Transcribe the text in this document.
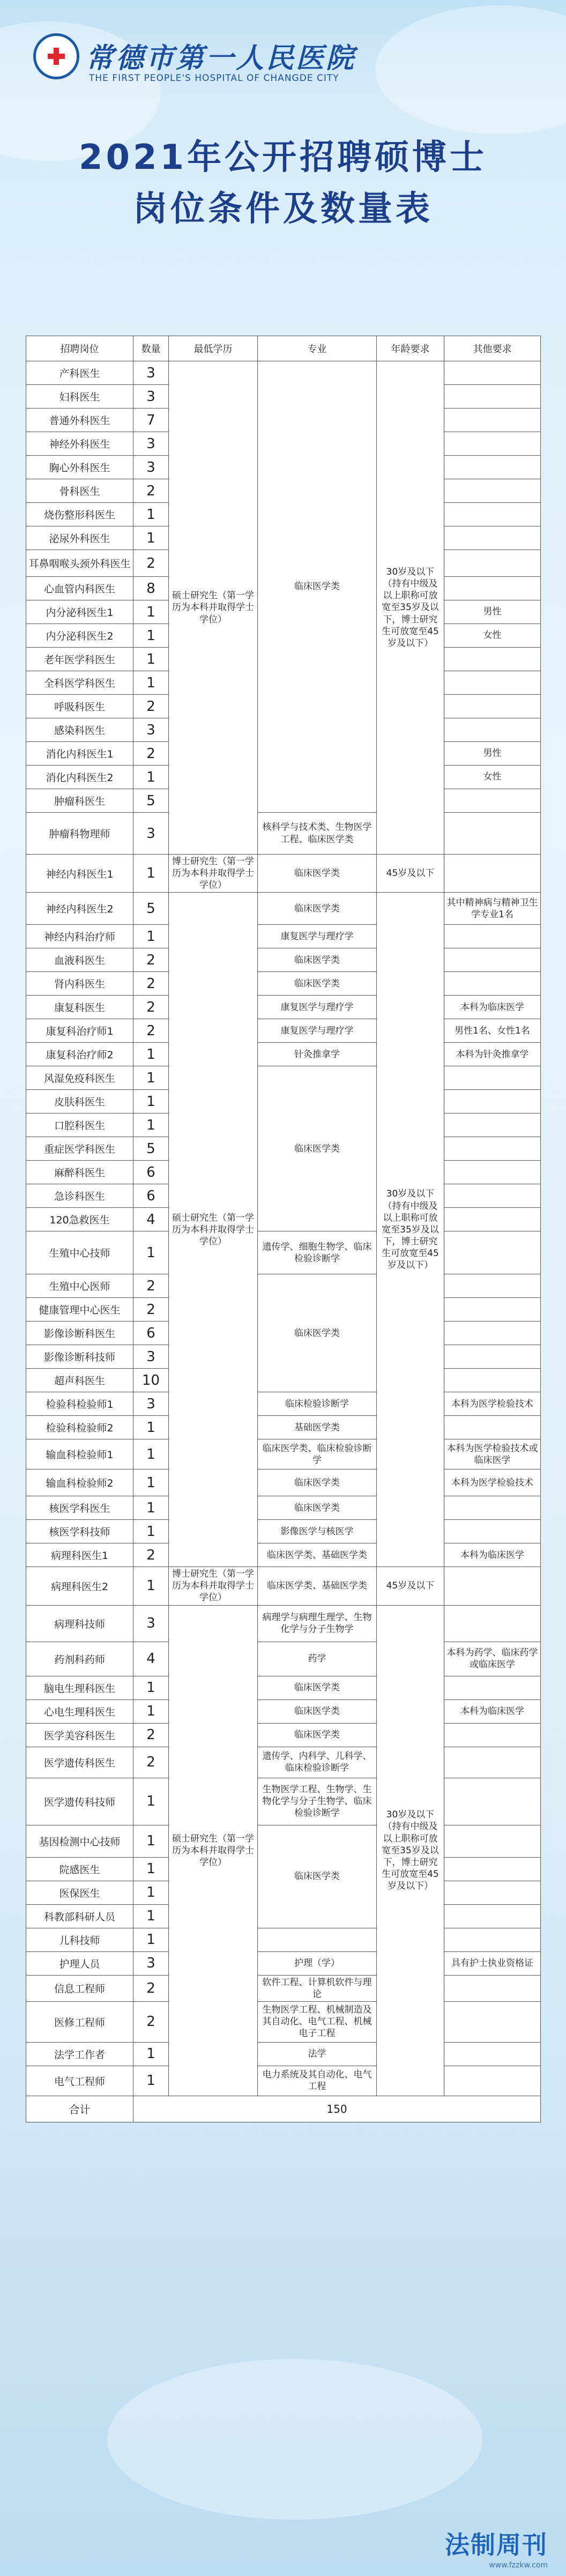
常德市第一人民医院
THE FIRST PEOPLE'S HOSPITAL OF CHANGDE CITY
2021年公开招聘硕博士
岗位条件及数量表
招聘岗位	数量	最低学历	专业	年龄要求	其他要求
产科医生	3	硕士研究生（第一学历为本科并取得学士学位）	临床医学类	30岁及以下（持有中级及以上职称可放宽至35岁及以下，博士研究生可放宽至45岁及以下）	
妇科医生	3				
普通外科医生	7				
神经外科医生	3				
胸心外科医生	3				
骨科医生	2				
烧伤整形科医生	1				
泌尿外科医生	1				
耳鼻咽喉头颈外科医生	2				
心血管内科医生	8				
内分泌科医生1	1				男性
内分泌科医生2	1				女性
老年医学科医生	1				
全科医学科医生	1				
呼吸科医生	2				
感染科医生	3				
消化内科医生1	2				男性
消化内科医生2	1				女性
肿瘤科医生	5				
肿瘤科物理师	3		核科学与技术类、生物医学工程、临床医学类		
神经内科医生1	1	博士研究生（第一学历为本科并取得学士学位）	临床医学类	45岁及以下	
神经内科医生2	5	硕士研究生（第一学历为本科并取得学士学位）	临床医学类	30岁及以下（持有中级及以上职称可放宽至35岁及以下，博士研究生可放宽至45岁及以下）	其中精神病与精神卫生学专业1名
神经内科治疗师	1		康复医学与理疗学		
血液科医生	2		临床医学类		
肾内科医生	2		临床医学类		
康复科医生	2		康复医学与理疗学		本科为临床医学
康复科治疗师1	2		康复医学与理疗学		男性1名、女性1名
康复科治疗师2	1		针灸推拿学		本科为针灸推拿学
风湿免疫科医生	1		临床医学类		
皮肤科医生	1				
口腔科医生	1				
重症医学科医生	5				
麻醉科医生	6				
急诊科医生	6				
120急救医生	4				
生殖中心技师	1		遗传学、细胞生物学、临床检验诊断学		
生殖中心医师	2		临床医学类		
健康管理中心医生	2				
影像诊断科医生	6				
影像诊断科技师	3				
超声科医生	10				
检验科检验师1	3		临床检验诊断学		本科为医学检验技术
检验科检验师2	1		基础医学类		
输血科检验师1	1		临床医学类、临床检验诊断学		本科为医学检验技术或临床医学
输血科检验师2	1		临床医学类		本科为医学检验技术
核医学科医生	1		临床医学类		
核医学科技师	1		影像医学与核医学		
病理科医生1	2		临床医学类、基础医学类		本科为临床医学
病理科医生2	1	博士研究生（第一学历为本科并取得学士学位）	临床医学类、基础医学类	45岁及以下	
病理科技师	3	硕士研究生（第一学历为本科并取得学士学位）	病理学与病理生理学、生物化学与分子生物学	30岁及以下（持有中级及以上职称可放宽至35岁及以下，博士研究生可放宽至45岁及以下）	
药剂科药师	4		药学		本科为药学、临床药学或临床医学
脑电生理科医生	1		临床医学类		
心电生理科医生	1		临床医学类		本科为临床医学
医学美容科医生	2		临床医学类		
医学遗传科医生	2		遗传学、内科学、儿科学、临床检验诊断学		
医学遗传科技师	1		生物医学工程、生物学、生物化学与分子生物学、临床检验诊断学		
基因检测中心技师	1		临床医学类		
院感医生	1				
医保医生	1				
科教部科研人员	1				
儿科技师	1				
护理人员	3		护理（学）		具有护士执业资格证
信息工程师	2		软件工程、计算机软件与理论		
医修工程师	2		生物医学工程、机械制造及其自动化、电气工程、机械电子工程		
法学工作者	1		法学		
电气工程师	1		电力系统及其自动化、电气工程		
合计	150				
法制周刊
www.fzzkw.com
